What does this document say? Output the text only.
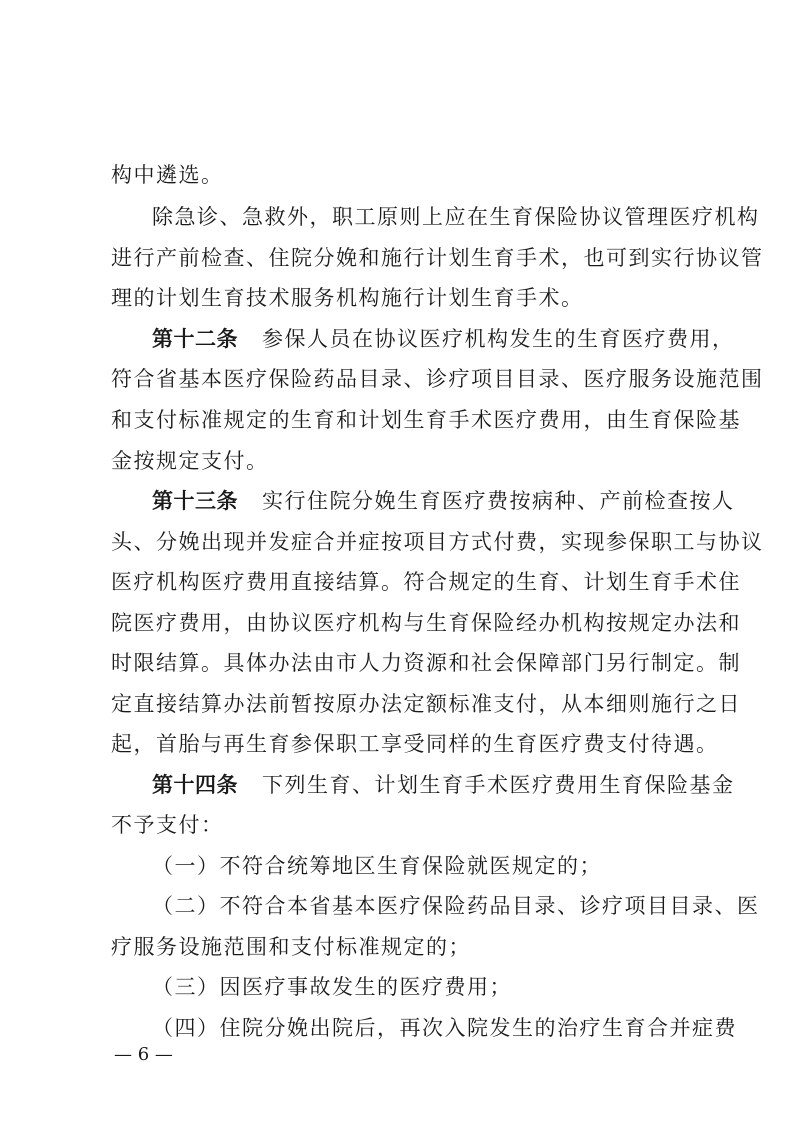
构中遴选。
除急诊、急救外，职工原则上应在生育保险协议管理医疗机构
进行产前检查、住院分娩和施行计划生育手术，也可到实行协议管
理的计划生育技术服务机构施行计划生育手术。
第十二条 参保人员在协议医疗机构发生的生育医疗费用，
符合省基本医疗保险药品目录、诊疗项目目录、医疗服务设施范围
和支付标准规定的生育和计划生育手术医疗费用，由生育保险基
金按规定支付。
第十三条 实行住院分娩生育医疗费按病种、产前检查按人
头、分娩出现并发症合并症按项目方式付费，实现参保职工与协议
医疗机构医疗费用直接结算。符合规定的生育、计划生育手术住
院医疗费用，由协议医疗机构与生育保险经办机构按规定办法和
时限结算。具体办法由市人力资源和社会保障部门另行制定。制
定直接结算办法前暂按原办法定额标准支付，从本细则施行之日
起，首胎与再生育参保职工享受同样的生育医疗费支付待遇。
第十四条 下列生育、计划生育手术医疗费用生育保险基金
不予支付：
（一）不符合统筹地区生育保险就医规定的；
（二）不符合本省基本医疗保险药品目录、诊疗项目目录、医
疗服务设施范围和支付标准规定的；
（三）因医疗事故发生的医疗费用；
（四）住院分娩出院后，再次入院发生的治疗生育合并症费
— 6 —
